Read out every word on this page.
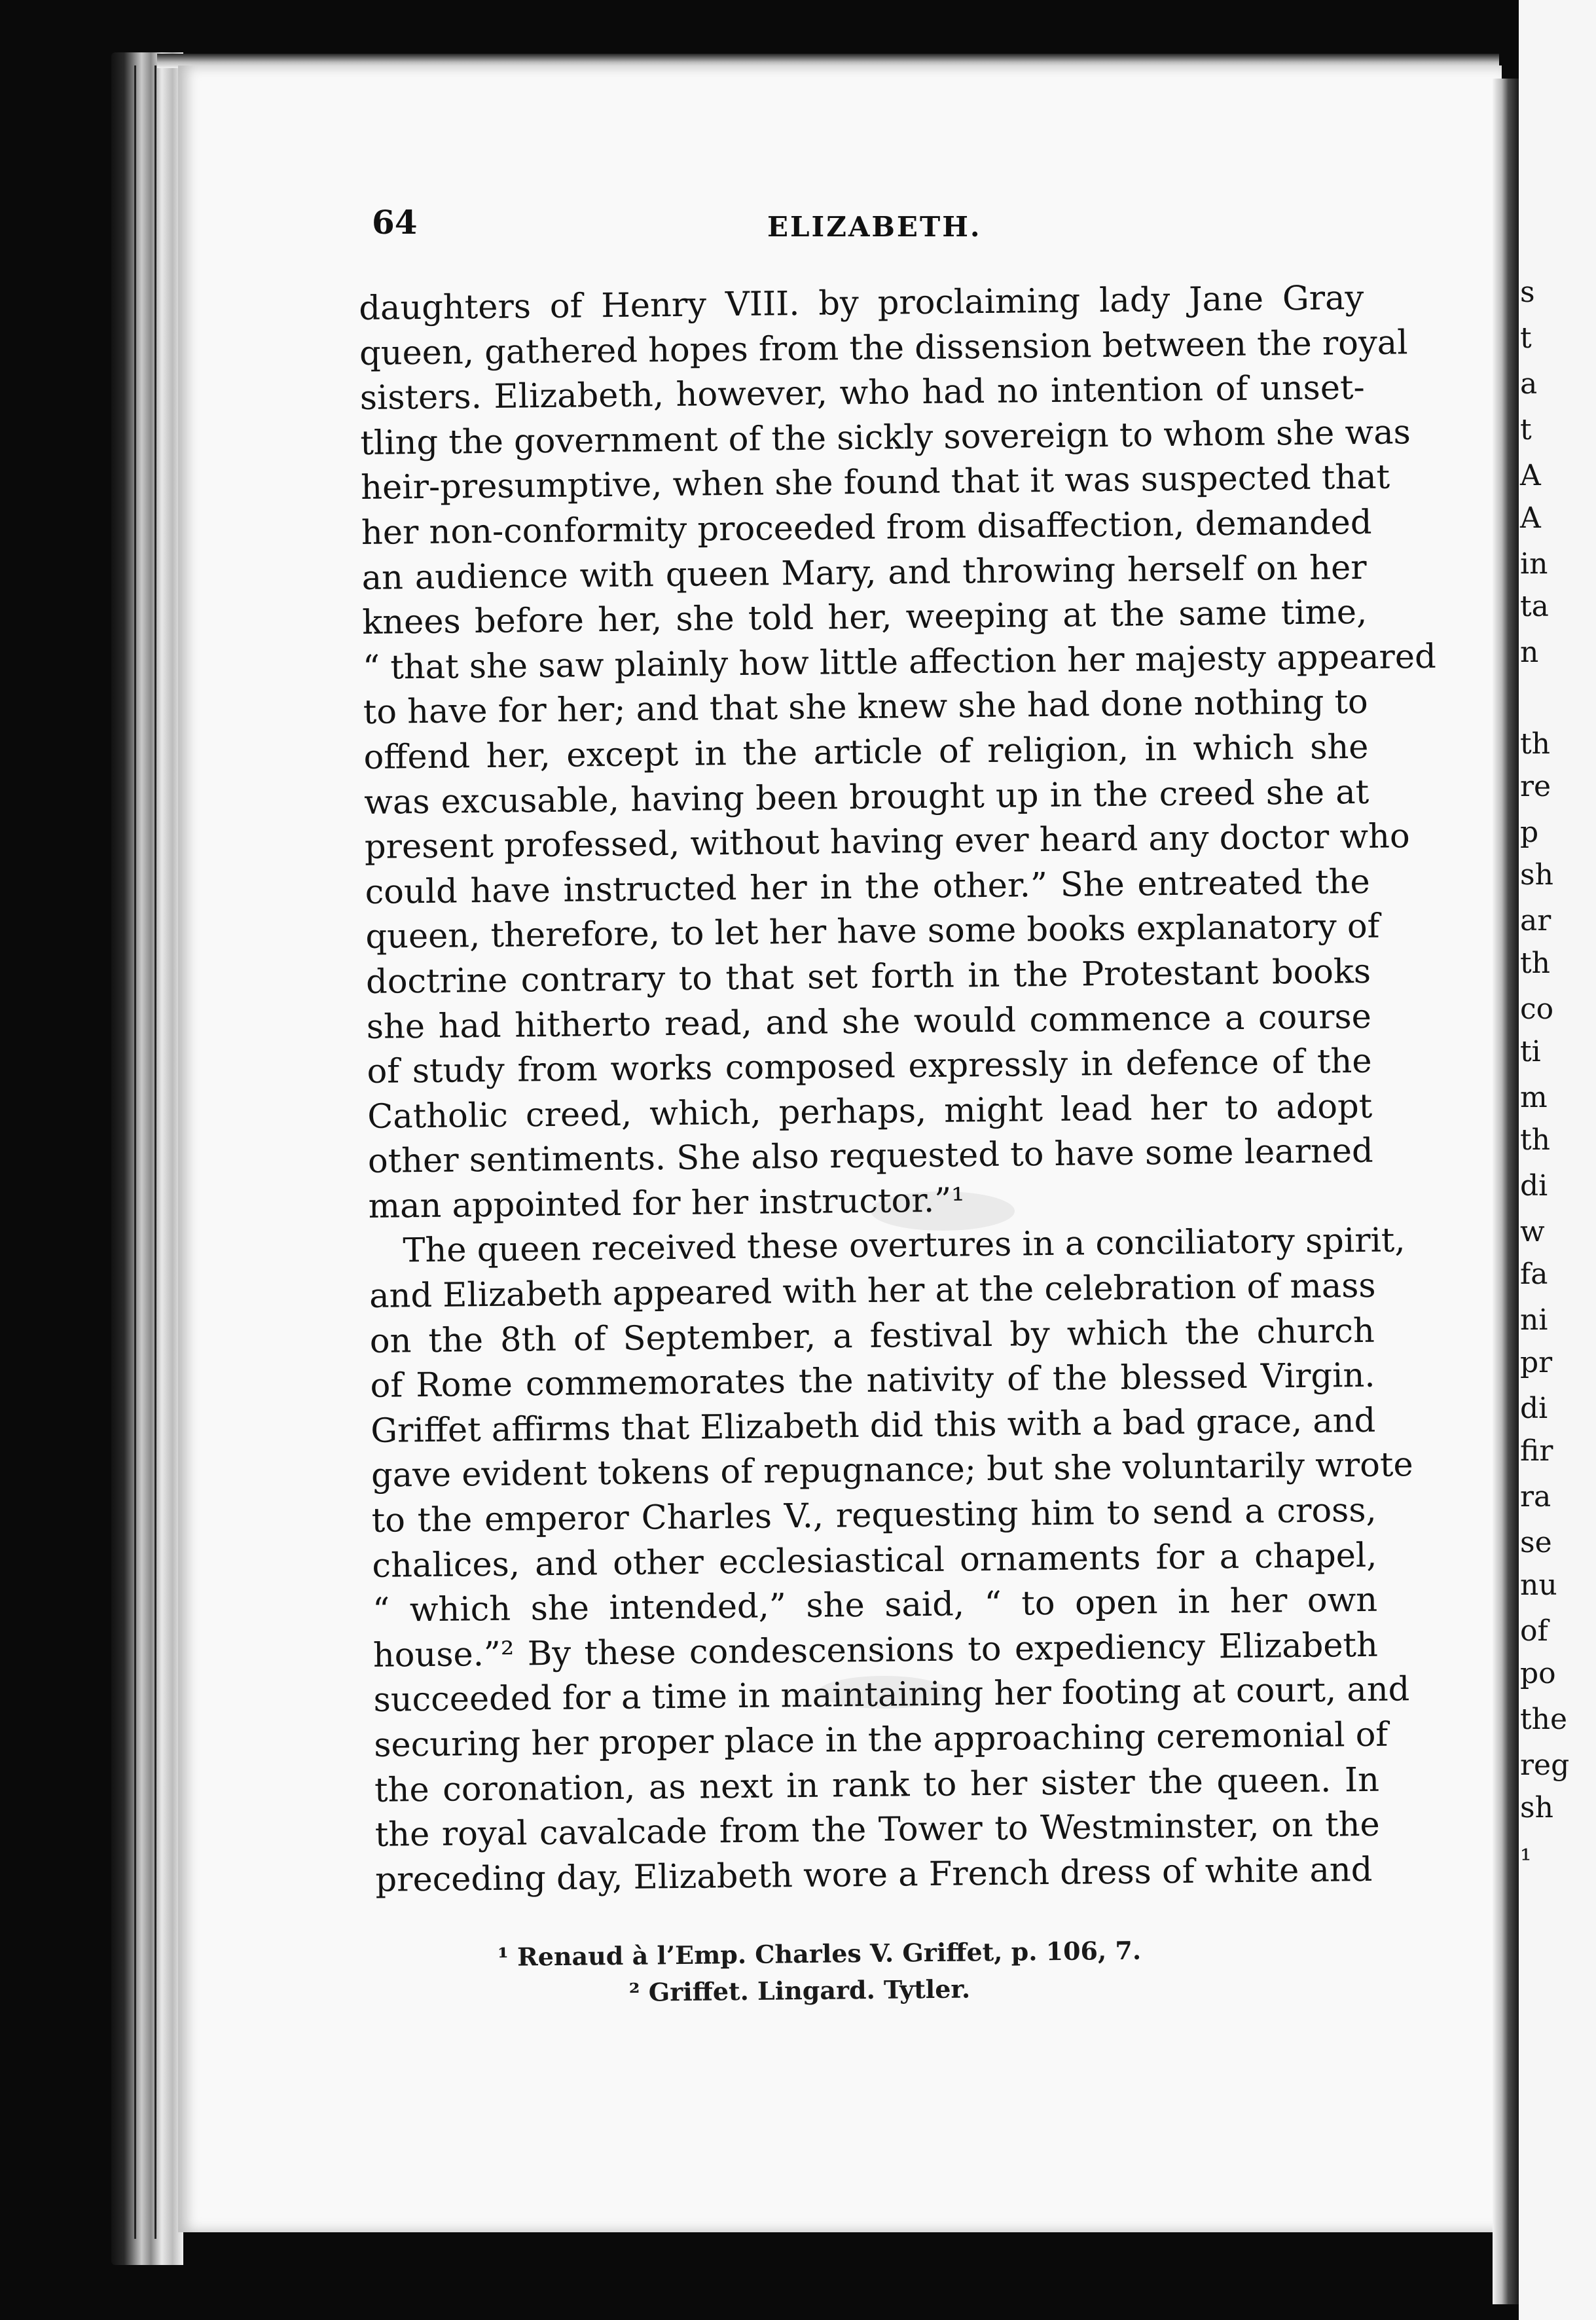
s
t
a
t
A
A
in
ta
n
th
re
p
sh
ar
th
co
ti
m
th
di
w
fa
ni
pr
di
fir
ra
se
nu
of
po
the
reg
sh
¹
64	ELIZABETH.
daughters of Henry VIII. by proclaiming lady Jane Gray
queen, gathered hopes from the dissension between the royal
sisters. Elizabeth, however, who had no intention of unset-
tling the government of the sickly sovereign to whom she was
heir-presumptive, when she found that it was suspected that
her non-conformity proceeded from disaffection, demanded
an audience with queen Mary, and throwing herself on her
knees before her, she told her, weeping at the same time,
“ that she saw plainly how little affection her majesty appeared
to have for her; and that she knew she had done nothing to
offend her, except in the article of religion, in which she
was excusable, having been brought up in the creed she at
present professed, without having ever heard any doctor who
could have instructed her in the other.” She entreated the
queen, therefore, to let her have some books explanatory of
doctrine contrary to that set forth in the Protestant books
she had hitherto read, and she would commence a course
of study from works composed expressly in defence of the
Catholic creed, which, perhaps, might lead her to adopt
other sentiments. She also requested to have some learned
man appointed for her instructor.”¹
The queen received these overtures in a conciliatory spirit,
and Elizabeth appeared with her at the celebration of mass
on the 8th of September, a festival by which the church
of Rome commemorates the nativity of the blessed Virgin.
Griffet affirms that Elizabeth did this with a bad grace, and
gave evident tokens of repugnance; but she voluntarily wrote
to the emperor Charles V., requesting him to send a cross,
chalices, and other ecclesiastical ornaments for a chapel,
“ which she intended,” she said, “ to open in her own
house.”² By these condescensions to expediency Elizabeth
succeeded for a time in maintaining her footing at court, and
securing her proper place in the approaching ceremonial of
the coronation, as next in rank to her sister the queen. In
the royal cavalcade from the Tower to Westminster, on the
preceding day, Elizabeth wore a French dress of white and
¹ Renaud à l’Emp. Charles V. Griffet, p. 106, 7.
² Griffet. Lingard. Tytler.
